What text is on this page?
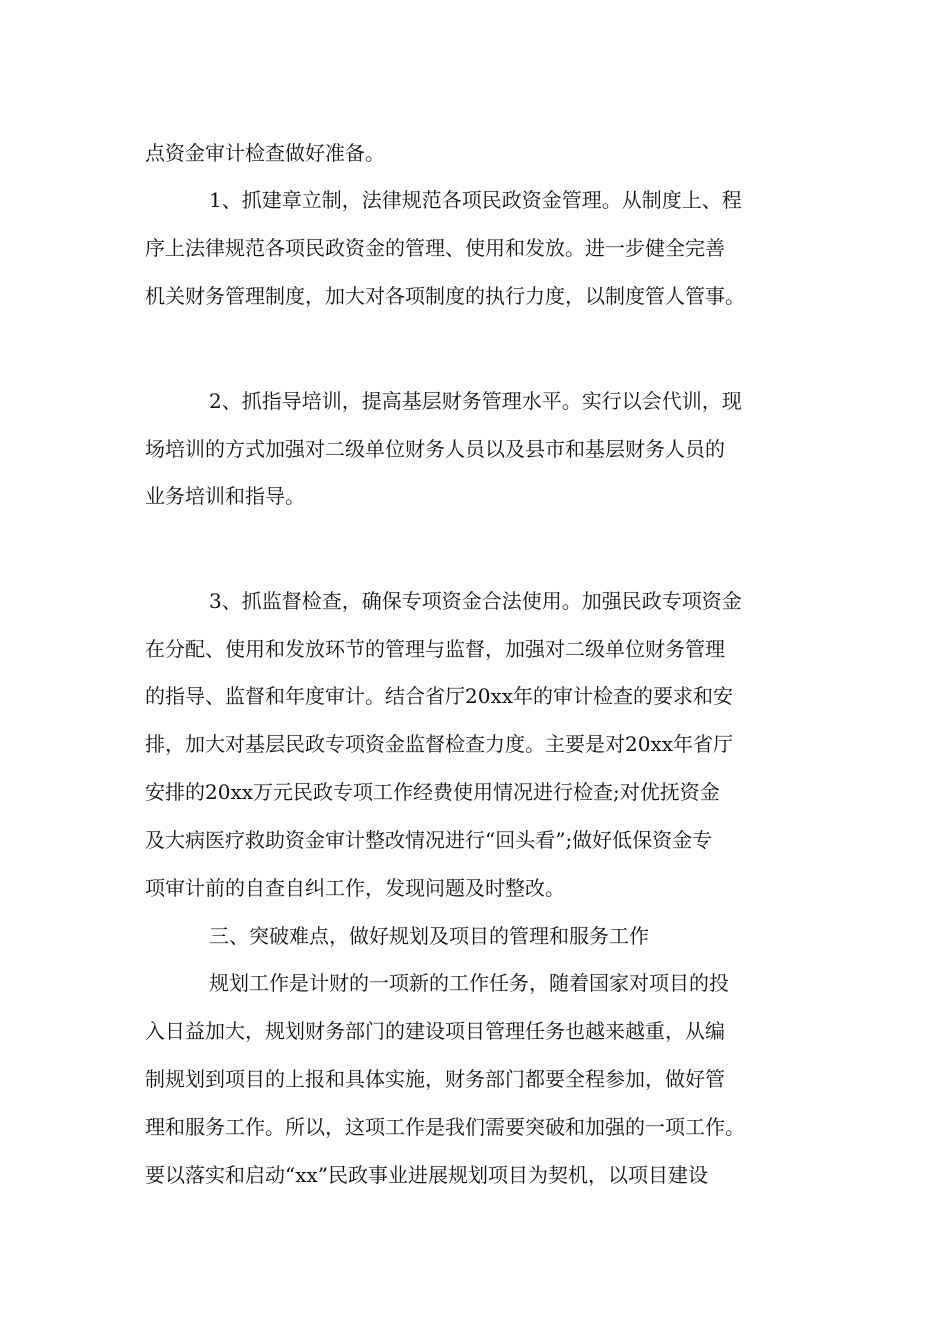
点资金审计检查做好准备。

1、抓建章立制，法律规范各项民政资金管理。从制度上、程

序上法律规范各项民政资金的管理、使用和发放。进一步健全完善

机关财务管理制度，加大对各项制度的执行力度，以制度管人管事。

2、抓指导培训，提高基层财务管理水平。实行以会代训，现

场培训的方式加强对二级单位财务人员以及县市和基层财务人员的

业务培训和指导。

3、抓监督检查，确保专项资金合法使用。加强民政专项资金

在分配、使用和发放环节的管理与监督，加强对二级单位财务管理

的指导、监督和年度审计。结合省厅20xx年的审计检查的要求和安

排，加大对基层民政专项资金监督检查力度。主要是对20xx年省厅

安排的20xx万元民政专项工作经费使用情况进行检查;对优抚资金

及大病医疗救助资金审计整改情况进行“回头看”;做好低保资金专

项审计前的自查自纠工作，发现问题及时整改。

三、突破难点，做好规划及项目的管理和服务工作

规划工作是计财的一项新的工作任务，随着国家对项目的投

入日益加大，规划财务部门的建设项目管理任务也越来越重，从编

制规划到项目的上报和具体实施，财务部门都要全程参加，做好管

理和服务工作。所以，这项工作是我们需要突破和加强的一项工作。

要以落实和启动“xx”民政事业进展规划项目为契机，以项目建设
